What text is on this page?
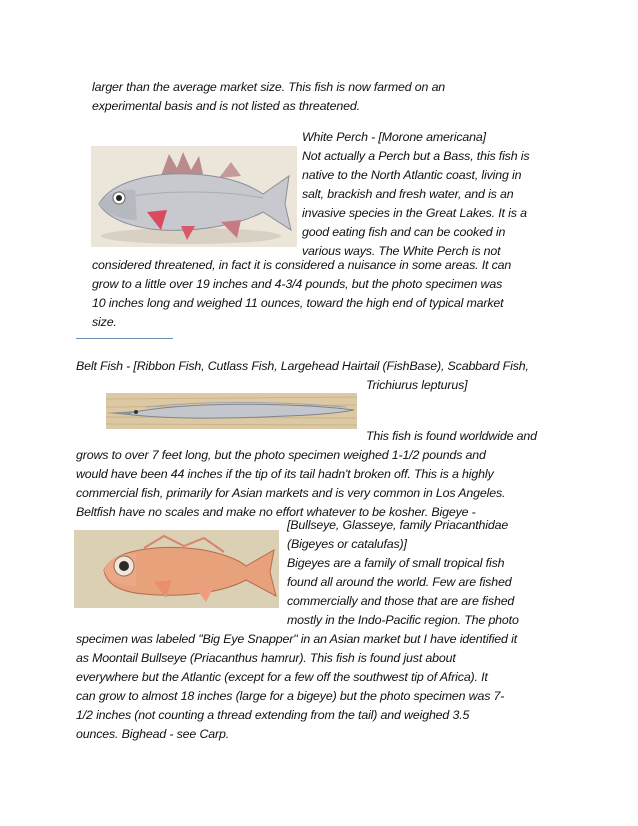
larger than the average market size. This fish is now farmed on an
experimental basis and is not listed as threatened.
White Perch - [Morone americana]
Not actually a Perch but a Bass, this fish is
native to the North Atlantic coast, living in
salt, brackish and fresh water, and is an
invasive species in the Great Lakes. It is a
good eating fish and can be cooked in
various ways. The White Perch is not
considered threatened, in fact it is considered a nuisance in some areas. It can
grow to a little over 19 inches and 4-3/4 pounds, but the photo specimen was
10 inches long and weighed 11 ounces, toward the high end of typical market
size.
Belt Fish - [Ribbon Fish, Cutlass Fish, Largehead Hairtail (FishBase), Scabbard Fish,
Trichiurus lepturus]
This fish is found worldwide and
grows to over 7 feet long, but the photo specimen weighed 1-1/2 pounds and
would have been 44 inches if the tip of its tail hadn't broken off. This is a highly
commercial fish, primarily for Asian markets and is very common in Los Angeles.
Beltfish have no scales and make no effort whatever to be kosher. Bigeye -
[Bullseye, Glasseye, family Priacanthidae
(Bigeyes or catalufas)]
Bigeyes are a family of small tropical fish
found all around the world. Few are fished
commercially and those that are are fished
mostly in the Indo-Pacific region. The photo
specimen was labeled "Big Eye Snapper" in an Asian market but I have identified it
as Moontail Bullseye (Priacanthus hamrur). This fish is found just about
everywhere but the Atlantic (except for a few off the southwest tip of Africa). It
can grow to almost 18 inches (large for a bigeye) but the photo specimen was 7-
1/2 inches (not counting a thread extending from the tail) and weighed 3.5
ounces. Bighead - see Carp.
